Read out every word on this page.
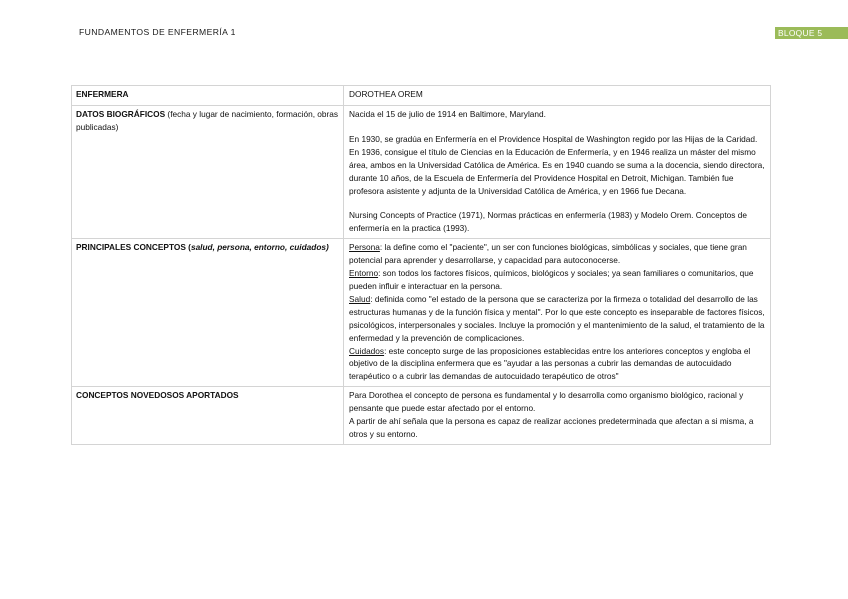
FUNDAMENTOS DE ENFERMERÍA 1	BLOQUE 5
ENFERMERA	DOROTHEA OREM
DATOS BIOGRÁFICOS (fecha y lugar de nacimiento, formación, obras publicadas)	Nacida el 15 de julio de 1914 en Baltimore, Maryland.

En 1930, se gradúa en Enfermería en el Providence Hospital de Washington regido por las Hijas de la Caridad. En 1936, consigue el título de Ciencias en la Educación de Enfermería, y en 1946 realiza un máster del mismo área, ambos en la Universidad Católica de América. Es en 1940 cuando se suma a la docencia, siendo directora, durante 10 años, de la Escuela de Enfermería del Providence Hospital en Detroit, Michigan. También fue profesora asistente y adjunta de la Universidad Católica de América, y en 1966 fue Decana.

Nursing Concepts of Practice (1971), Normas prácticas en enfermería (1983) y Modelo Orem. Conceptos de enfermería en la practica (1993).

PRINCIPALES CONCEPTOS (salud, persona, entorno, cuidados)	Persona: la define como el "paciente", un ser con funciones biológicas, simbólicas y sociales, que tiene gran potencial para aprender y desarrollarse, y capacidad para autoconocerse.

Entorno: son todos los factores físicos, químicos, biológicos y sociales; ya sean familiares o comunitarios, que pueden influir e interactuar en la persona.

Salud: definida como "el estado de la persona que se caracteriza por la firmeza o totalidad del desarrollo de las estructuras humanas y de la función física y mental". Por lo que este concepto es inseparable de factores físicos, psicológicos, interpersonales y sociales. Incluye la promoción y el mantenimiento de la salud, el tratamiento de la enfermedad y la prevención de complicaciones.

Cuidados: este concepto surge de las proposiciones establecidas entre los anteriores conceptos y engloba el objetivo de la disciplina enfermera que es "ayudar a las personas a cubrir las demandas de autocuidado terapéutico o a cubrir las demandas de autocuidado terapéutico de otros"

CONCEPTOS NOVEDOSOS APORTADOS	Para Dorothea el concepto de persona es fundamental y lo desarrolla como organismo biológico, racional y pensante que puede estar afectado por el entorno.

A partir de ahí señala que la persona es capaz de realizar acciones predeterminada que afectan a si misma, a otros y su entorno.
